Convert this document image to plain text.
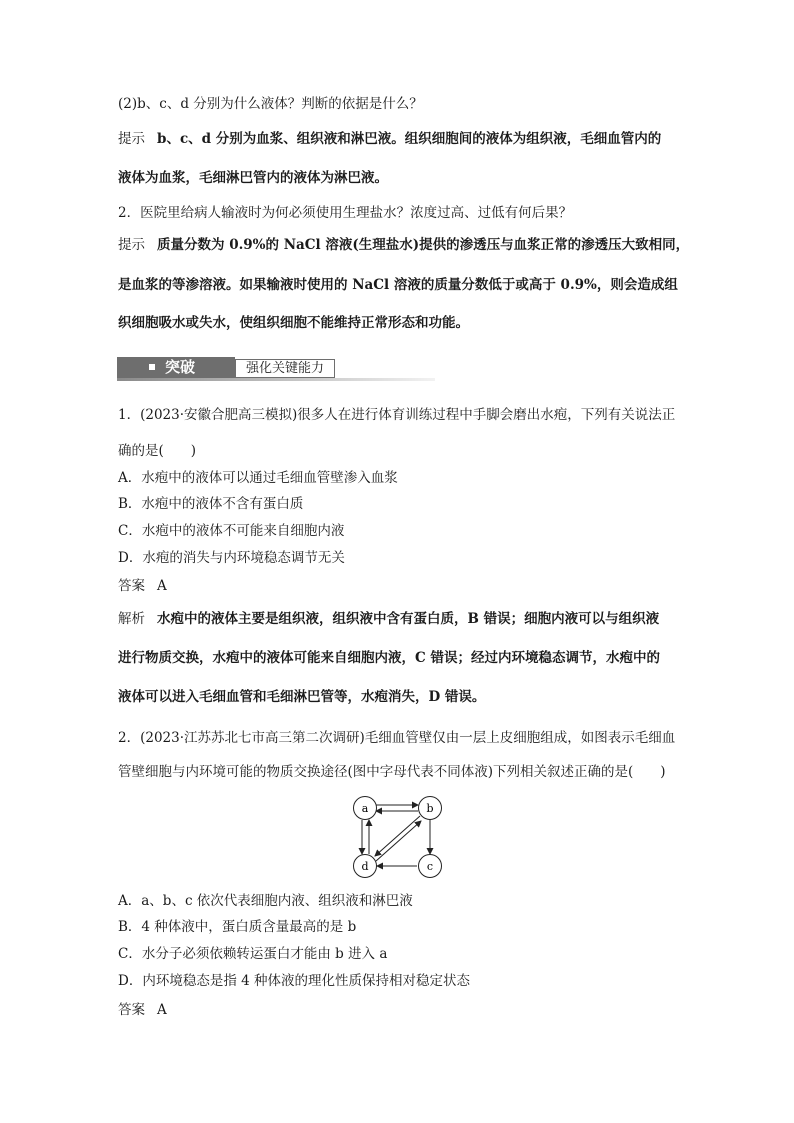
(2)b、c、d 分别为什么液体？判断的依据是什么？
提示 b、c、d 分别为血浆、组织液和淋巴液。组织细胞间的液体为组织液，毛细血管内的
液体为血浆，毛细淋巴管内的液体为淋巴液。
2．医院里给病人输液时为何必须使用生理盐水？浓度过高、过低有何后果？
提示 质量分数为 0.9%的 NaCl 溶液(生理盐水)提供的渗透压与血浆正常的渗透压大致相同，
是血浆的等渗溶液。如果输液时使用的 NaCl 溶液的质量分数低于或高于 0.9%，则会造成组
织细胞吸水或失水，使组织细胞不能维持正常形态和功能。
突破	强化关键能力
1．(2023·安徽合肥高三模拟)很多人在进行体育训练过程中手脚会磨出水疱，下列有关说法正
确的是(　　)
A．水疱中的液体可以通过毛细血管壁渗入血浆
B．水疱中的液体不含有蛋白质
C．水疱中的液体不可能来自细胞内液
D．水疱的消失与内环境稳态调节无关
答案 A
解析 水疱中的液体主要是组织液，组织液中含有蛋白质，B 错误；细胞内液可以与组织液
进行物质交换，水疱中的液体可能来自细胞内液，C 错误；经过内环境稳态调节，水疱中的
液体可以进入毛细血管和毛细淋巴管等，水疱消失，D 错误。
2．(2023·江苏苏北七市高三第二次调研)毛细血管壁仅由一层上皮细胞组成，如图表示毛细血
管壁细胞与内环境可能的物质交换途径(图中字母代表不同体液)下列相关叙述正确的是(　　)
a	b
c
d
A．a、b、c 依次代表细胞内液、组织液和淋巴液
B．4 种体液中，蛋白质含量最高的是 b
C．水分子必须依赖转运蛋白才能由 b 进入 a
D．内环境稳态是指 4 种体液的理化性质保持相对稳定状态
答案 A
